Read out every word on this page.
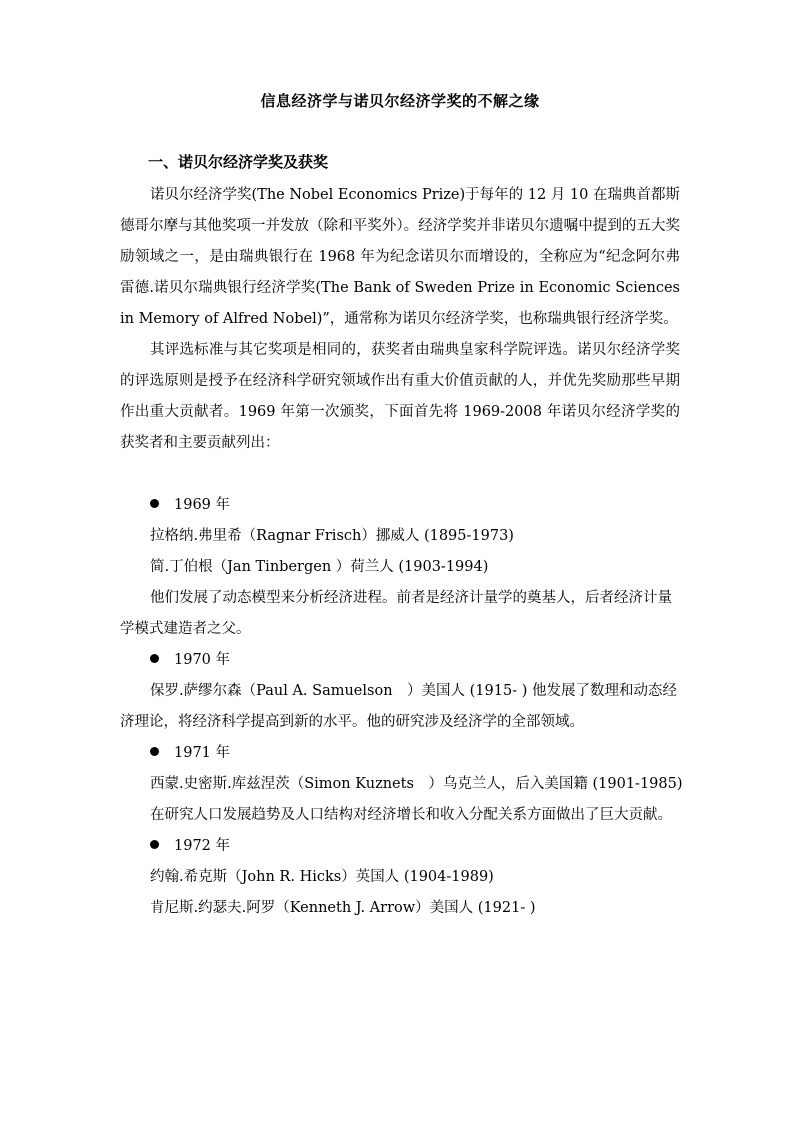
信息经济学与诺贝尔经济学奖的不解之缘
一、诺贝尔经济学奖及获奖

诺贝尔经济学奖(The Nobel Economics Prize)于每年的 12 月 10 在瑞典首都斯德哥尔摩与其他奖项一并发放（除和平奖外）。经济学奖并非诺贝尔遗嘱中提到的五大奖励领域之一，是由瑞典银行在 1968 年为纪念诺贝尔而增设的，全称应为“纪念阿尔弗雷德.诺贝尔瑞典银行经济学奖(The Bank of Sweden Prize in Economic Sciences in Memory of Alfred Nobel)”，通常称为诺贝尔经济学奖，也称瑞典银行经济学奖。

其评选标准与其它奖项是相同的，获奖者由瑞典皇家科学院评选。诺贝尔经济学奖的评选原则是授予在经济科学研究领域作出有重大价值贡献的人，并优先奖励那些早期作出重大贡献者。1969 年第一次颁奖，下面首先将 1969-2008 年诺贝尔经济学奖的获奖者和主要贡献列出：

1969 年
拉格纳.弗里希（Ragnar Frisch）挪威人 (1895-1973)
简.丁伯根（Jan Tinbergen ）荷兰人 (1903-1994)

他们发展了动态模型来分析经济进程。前者是经济计量学的奠基人，后者经济计量学模式建造者之父。

1970 年

保罗.萨缪尔森（Paul A. Samuelson　）美国人 (1915- ) 他发展了数理和动态经济理论，将经济科学提高到新的水平。他的研究涉及经济学的全部领域。

1971 年
西蒙.史密斯.库兹涅茨（Simon Kuznets　）乌克兰人，后入美国籍 (1901-1985)

在研究人口发展趋势及人口结构对经济增长和收入分配关系方面做出了巨大贡献。

1972 年
约翰.希克斯（John R. Hicks）英国人 (1904-1989)
肯尼斯.约瑟夫.阿罗（Kenneth J. Arrow）美国人 (1921- )
